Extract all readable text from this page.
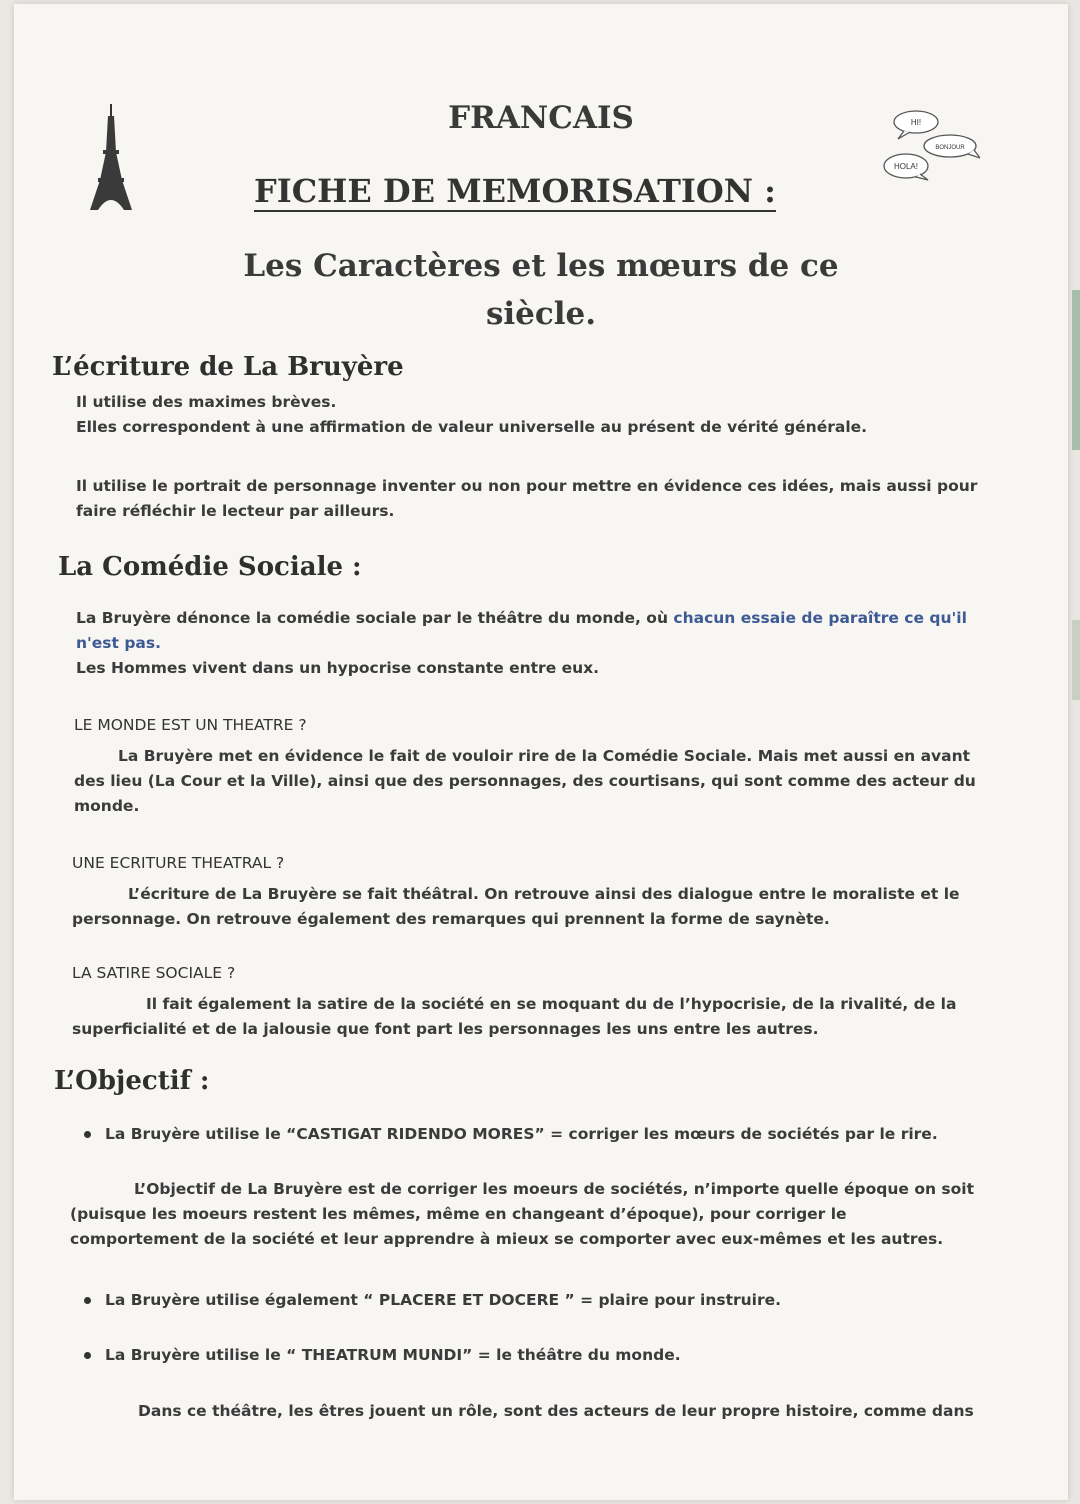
HI!
BONJOUR
HOLA!
FRANCAIS
FICHE DE MEMORISATION :
Les Caractères et les mœurs de ce
siècle.
L’écriture de La Bruyère
Il utilise des maximes brèves.
Elles correspondent à une affirmation de valeur universelle au présent de vérité générale.
Il utilise le portrait de personnage inventer ou non pour mettre en évidence ces idées, mais aussi pour faire réfléchir le lecteur par ailleurs.
La Comédie Sociale :
La Bruyère dénonce la comédie sociale par le théâtre du monde, où chacun essaie de paraître ce qu'il n'est pas.
Les Hommes vivent dans un hypocrise constante entre eux.
LE MONDE EST UN THEATRE ?
La Bruyère met en évidence le fait de vouloir rire de la Comédie Sociale. Mais met aussi en avant des lieu (La Cour et la Ville), ainsi que des personnages, des courtisans, qui sont comme des acteur du monde.
UNE ECRITURE THEATRAL ?
L’écriture de La Bruyère se fait théâtral. On retrouve ainsi des dialogue entre le moraliste et le personnage. On retrouve également des remarques qui prennent la forme de saynète.
LA SATIRE SOCIALE ?
Il fait également la satire de la société en se moquant du de l’hypocrisie, de la rivalité, de la superficialité et de la jalousie que font part les personnages les uns entre les autres.
L’Objectif :
La Bruyère utilise le “CASTIGAT RIDENDO MORES” = corriger les mœurs de sociétés par le rire.
L’Objectif de La Bruyère est de corriger les moeurs de sociétés, n’importe quelle époque on soit (puisque les moeurs restent les mêmes, même en changeant d’époque), pour corriger le comportement de la société et leur apprendre à mieux se comporter avec eux-mêmes et les autres.
La Bruyère utilise également “ PLACERE ET DOCERE ” = plaire pour instruire.
La Bruyère utilise le “ THEATRUM MUNDI” = le théâtre du monde.
Dans ce théâtre, les êtres jouent un rôle, sont des acteurs de leur propre histoire, comme dans
